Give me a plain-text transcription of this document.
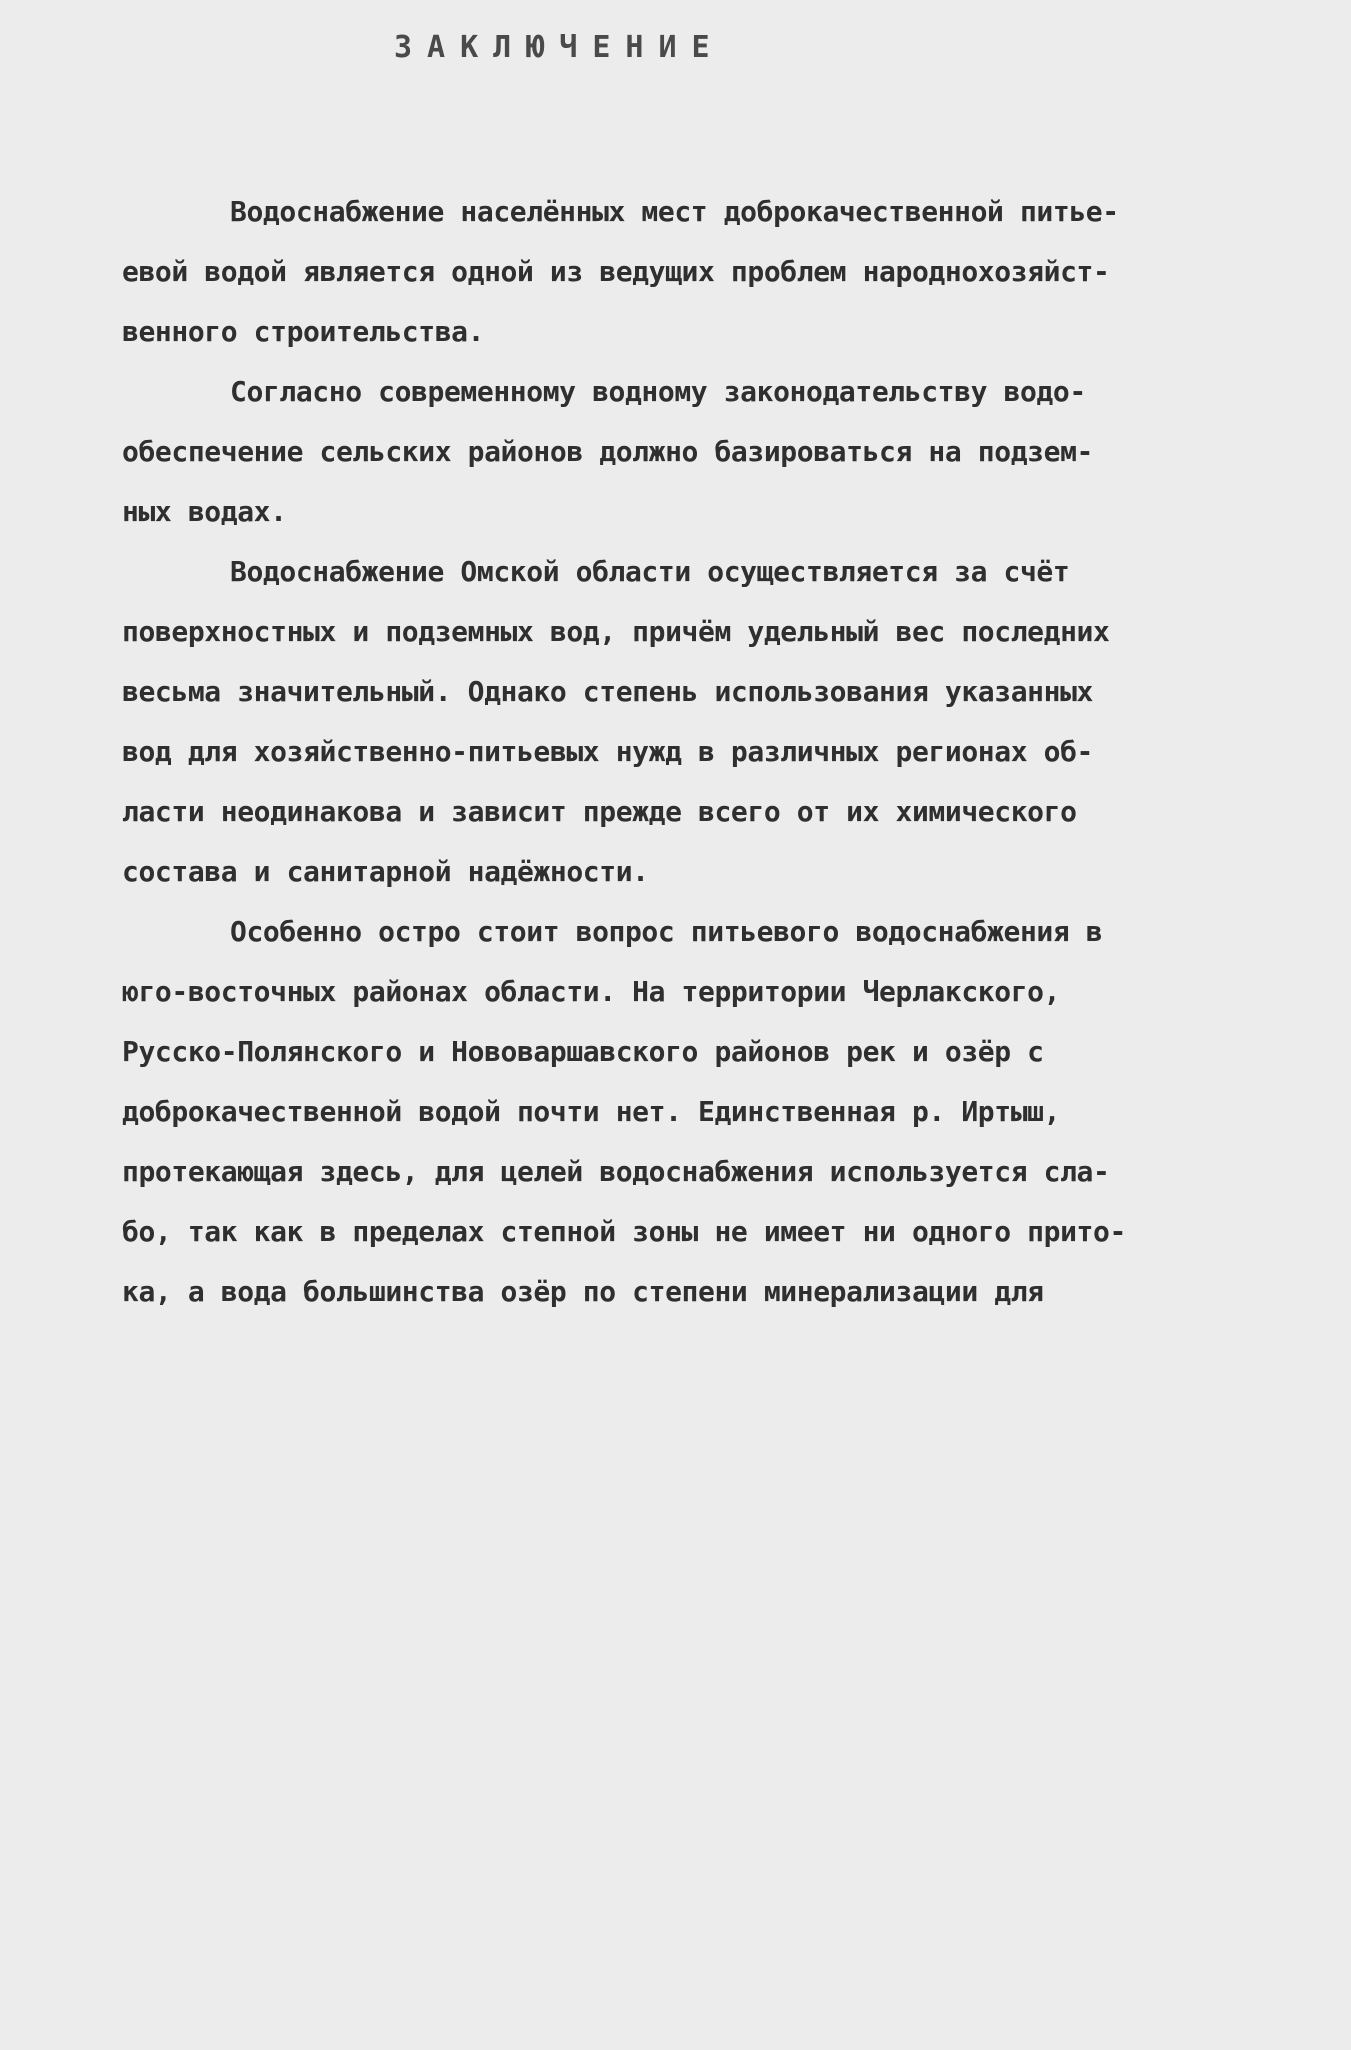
ЗАКЛЮЧЕНИЕ
Водоснабжение населённых мест доброкачественной питье-
евой водой является одной из ведущих проблем народнохозяйст-
венного строительства.
Согласно современному водному законодательству водо-
обеспечение сельских районов должно базироваться на подзем-
ных водах.
Водоснабжение Омской области осуществляется за счёт
поверхностных и подземных вод, причём удельный вес последних
весьма значительный. Однако степень использования указанных
вод для хозяйственно-питьевых нужд в различных регионах об-
ласти неодинакова и зависит прежде всего от их химического
состава и санитарной надёжности.
Особенно остро стоит вопрос питьевого водоснабжения в
юго-восточных районах области. На территории Черлакского,
Русско-Полянского и Нововаршавского районов рек и озёр с
доброкачественной водой почти нет. Единственная р. Иртыш,
протекающая здесь, для целей водоснабжения используется сла-
бо, так как в пределах степной зоны не имеет ни одного прито-
ка, а вода большинства озёр по степени минерализации для
